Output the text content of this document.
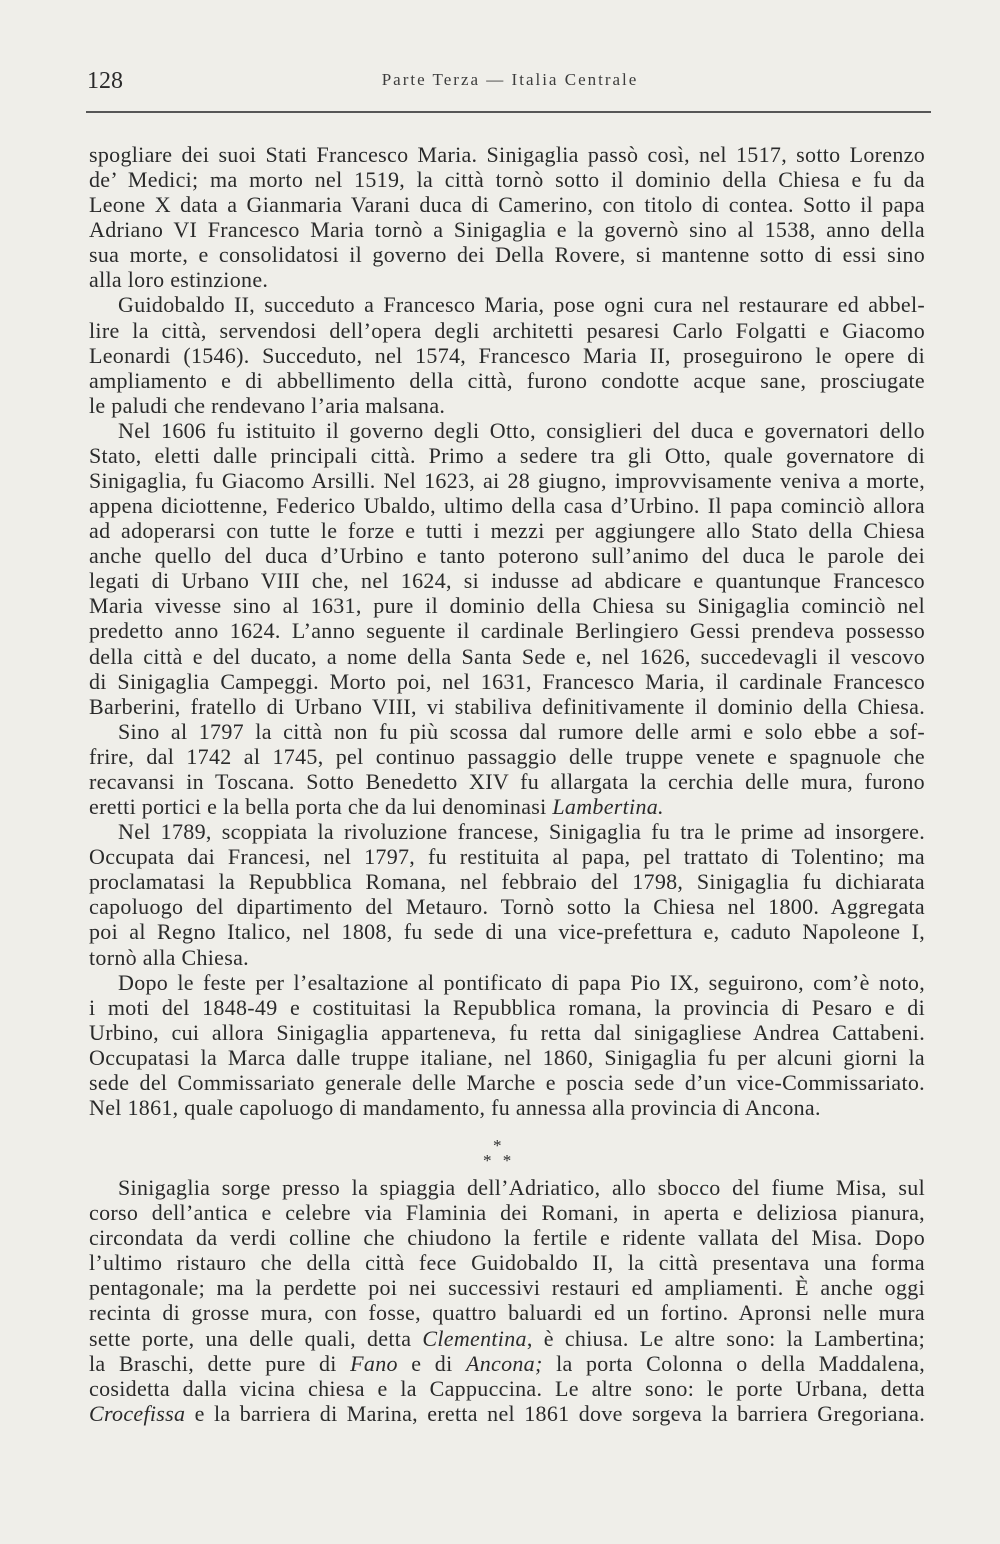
128	Parte Terza — Italia Centrale
spogliare dei suoi Stati Francesco Maria. Sinigaglia passò così, nel 1517, sotto Lorenzo
de’ Medici; ma morto nel 1519, la città tornò sotto il dominio della Chiesa e fu da
Leone X data a Gianmaria Varani duca di Camerino, con titolo di contea. Sotto il papa
Adriano VI Francesco Maria tornò a Sinigaglia e la governò sino al 1538, anno della
sua morte, e consolidatosi il governo dei Della Rovere, si mantenne sotto di essi sino
alla loro estinzione.
Guidobaldo II, succeduto a Francesco Maria, pose ogni cura nel restaurare ed abbel-
lire la città, servendosi dell’opera degli architetti pesaresi Carlo Folgatti e Giacomo
Leonardi (1546). Succeduto, nel 1574, Francesco Maria II, proseguirono le opere di
ampliamento e di abbellimento della città, furono condotte acque sane, prosciugate
le paludi che rendevano l’aria malsana.
Nel 1606 fu istituito il governo degli Otto, consiglieri del duca e governatori dello
Stato, eletti dalle principali città. Primo a sedere tra gli Otto, quale governatore di
Sinigaglia, fu Giacomo Arsilli. Nel 1623, ai 28 giugno, improvvisamente veniva a morte,
appena diciottenne, Federico Ubaldo, ultimo della casa d’Urbino. Il papa cominciò allora
ad adoperarsi con tutte le forze e tutti i mezzi per aggiungere allo Stato della Chiesa
anche quello del duca d’Urbino e tanto poterono sull’animo del duca le parole dei
legati di Urbano VIII che, nel 1624, si indusse ad abdicare e quantunque Francesco
Maria vivesse sino al 1631, pure il dominio della Chiesa su Sinigaglia cominciò nel
predetto anno 1624. L’anno seguente il cardinale Berlingiero Gessi prendeva possesso
della città e del ducato, a nome della Santa Sede e, nel 1626, succedevagli il vescovo
di Sinigaglia Campeggi. Morto poi, nel 1631, Francesco Maria, il cardinale Francesco
Barberini, fratello di Urbano VIII, vi stabiliva definitivamente il dominio della Chiesa.
Sino al 1797 la città non fu più scossa dal rumore delle armi e solo ebbe a sof-
frire, dal 1742 al 1745, pel continuo passaggio delle truppe venete e spagnuole che
recavansi in Toscana. Sotto Benedetto XIV fu allargata la cerchia delle mura, furono
eretti portici e la bella porta che da lui denominasi Lambertina.
Nel 1789, scoppiata la rivoluzione francese, Sinigaglia fu tra le prime ad insorgere.
Occupata dai Francesi, nel 1797, fu restituita al papa, pel trattato di Tolentino; ma
proclamatasi la Repubblica Romana, nel febbraio del 1798, Sinigaglia fu dichiarata
capoluogo del dipartimento del Metauro. Tornò sotto la Chiesa nel 1800. Aggregata
poi al Regno Italico, nel 1808, fu sede di una vice-prefettura e, caduto Napoleone I,
tornò alla Chiesa.
Dopo le feste per l’esaltazione al pontificato di papa Pio IX, seguirono, com’è noto,
i moti del 1848-49 e costituitasi la Repubblica romana, la provincia di Pesaro e di
Urbino, cui allora Sinigaglia apparteneva, fu retta dal sinigagliese Andrea Cattabeni.
Occupatasi la Marca dalle truppe italiane, nel 1860, Sinigaglia fu per alcuni giorni la
sede del Commissariato generale delle Marche e poscia sede d’un vice-Commissariato.
Nel 1861, quale capoluogo di mandamento, fu annessa alla provincia di Ancona.
*
* *
Sinigaglia sorge presso la spiaggia dell’Adriatico, allo sbocco del fiume Misa, sul
corso dell’antica e celebre via Flaminia dei Romani, in aperta e deliziosa pianura,
circondata da verdi colline che chiudono la fertile e ridente vallata del Misa. Dopo
l’ultimo ristauro che della città fece Guidobaldo II, la città presentava una forma
pentagonale; ma la perdette poi nei successivi restauri ed ampliamenti. È anche oggi
recinta di grosse mura, con fosse, quattro baluardi ed un fortino. Apronsi nelle mura
sette porte, una delle quali, detta Clementina, è chiusa. Le altre sono: la Lambertina;
la Braschi, dette pure di Fano e di Ancona; la porta Colonna o della Maddalena,
cosidetta dalla vicina chiesa e la Cappuccina. Le altre sono: le porte Urbana, detta
Crocefissa e la barriera di Marina, eretta nel 1861 dove sorgeva la barriera Gregoriana.
